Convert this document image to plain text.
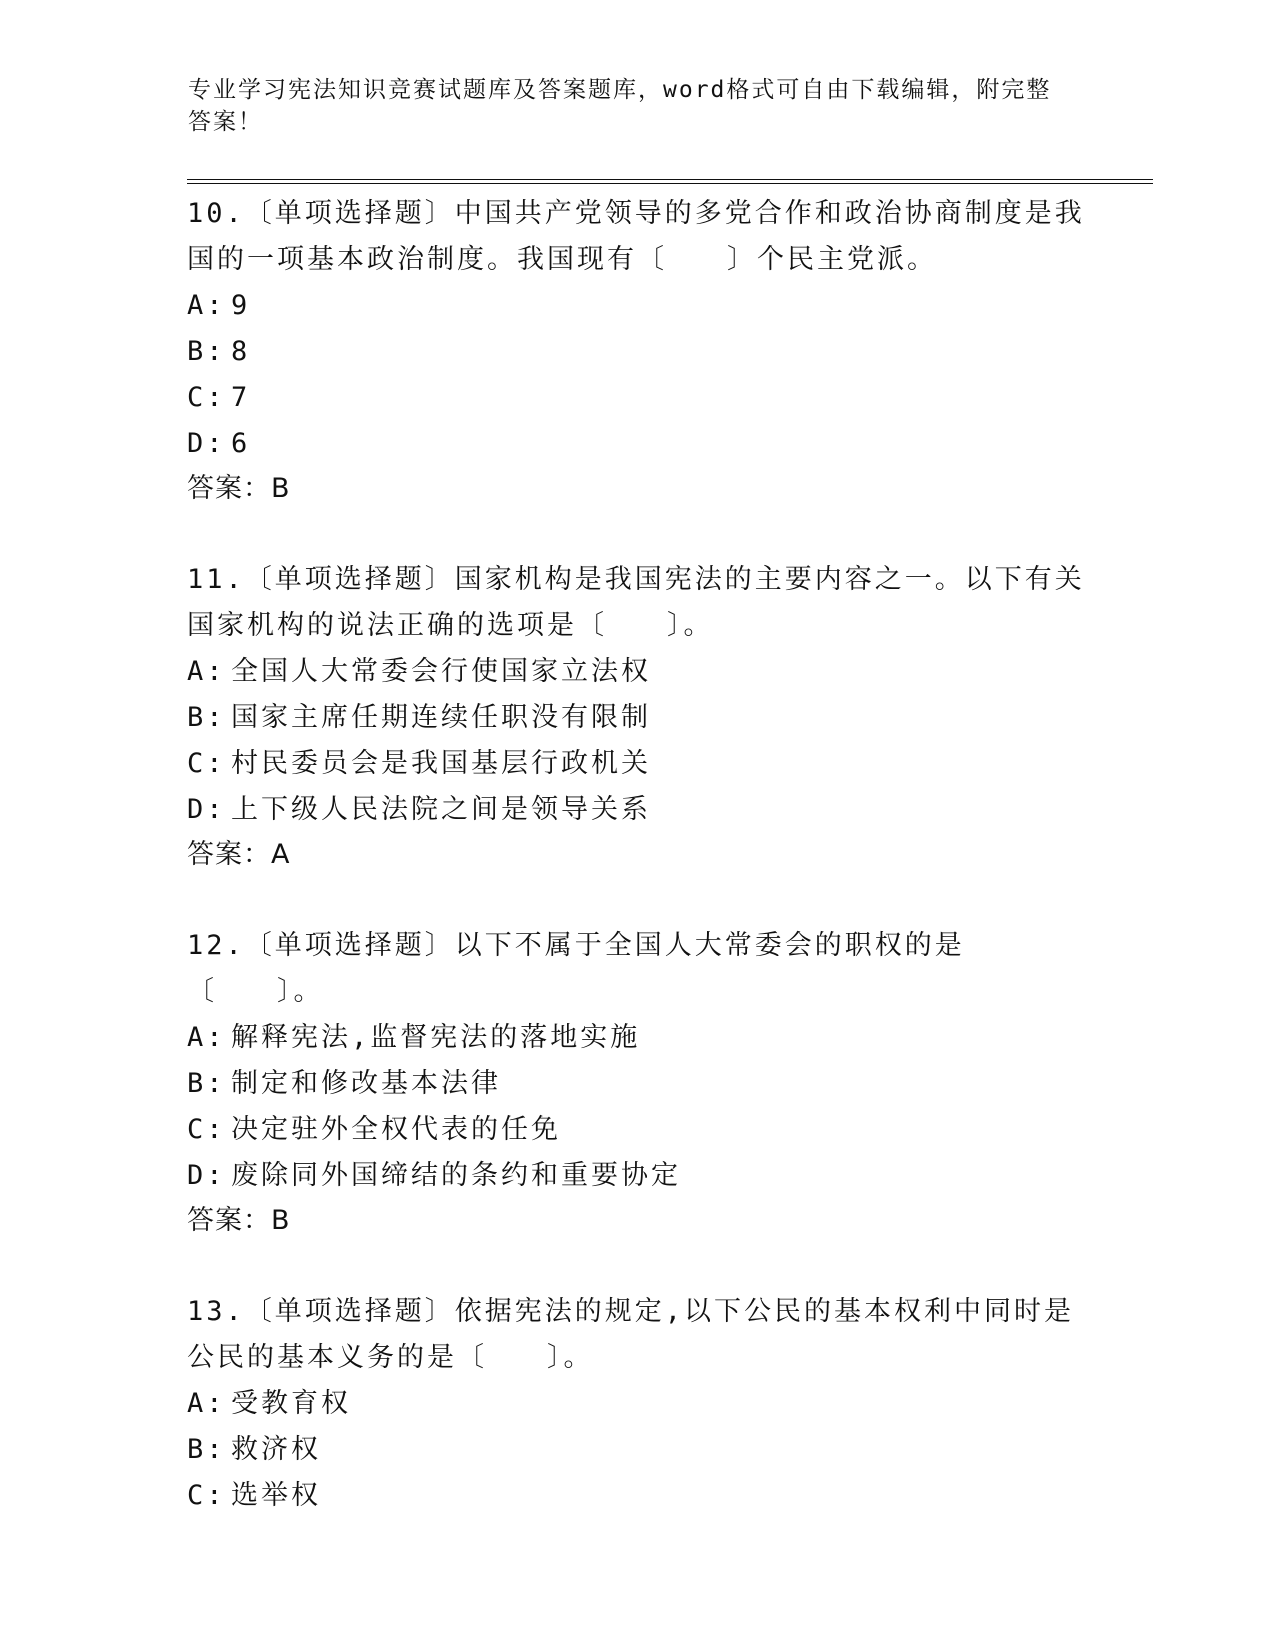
专业学习宪法知识竞赛试题库及答案题库，word格式可自由下载编辑，附完整答案！
10.〔单项选择题〕中国共产党领导的多党合作和政治协商制度是我国的一项基本政治制度。我国现有〔　　〕个民主党派。
A: 9
B: 8
C: 7
D: 6
答案：B
11.〔单项选择题〕国家机构是我国宪法的主要内容之一。以下有关国家机构的说法正确的选项是〔　　〕。
A: 全国人大常委会行使国家立法权
B: 国家主席任期连续任职没有限制
C: 村民委员会是我国基层行政机关
D: 上下级人民法院之间是领导关系
答案：A
12.〔单项选择题〕以下不属于全国人大常委会的职权的是〔　　〕。
A: 解释宪法,监督宪法的落地实施
B: 制定和修改基本法律
C: 决定驻外全权代表的任免
D: 废除同外国缔结的条约和重要协定
答案：B
13.〔单项选择题〕依据宪法的规定,以下公民的基本权利中同时是公民的基本义务的是〔　　〕。
A: 受教育权
B: 救济权
C: 选举权
